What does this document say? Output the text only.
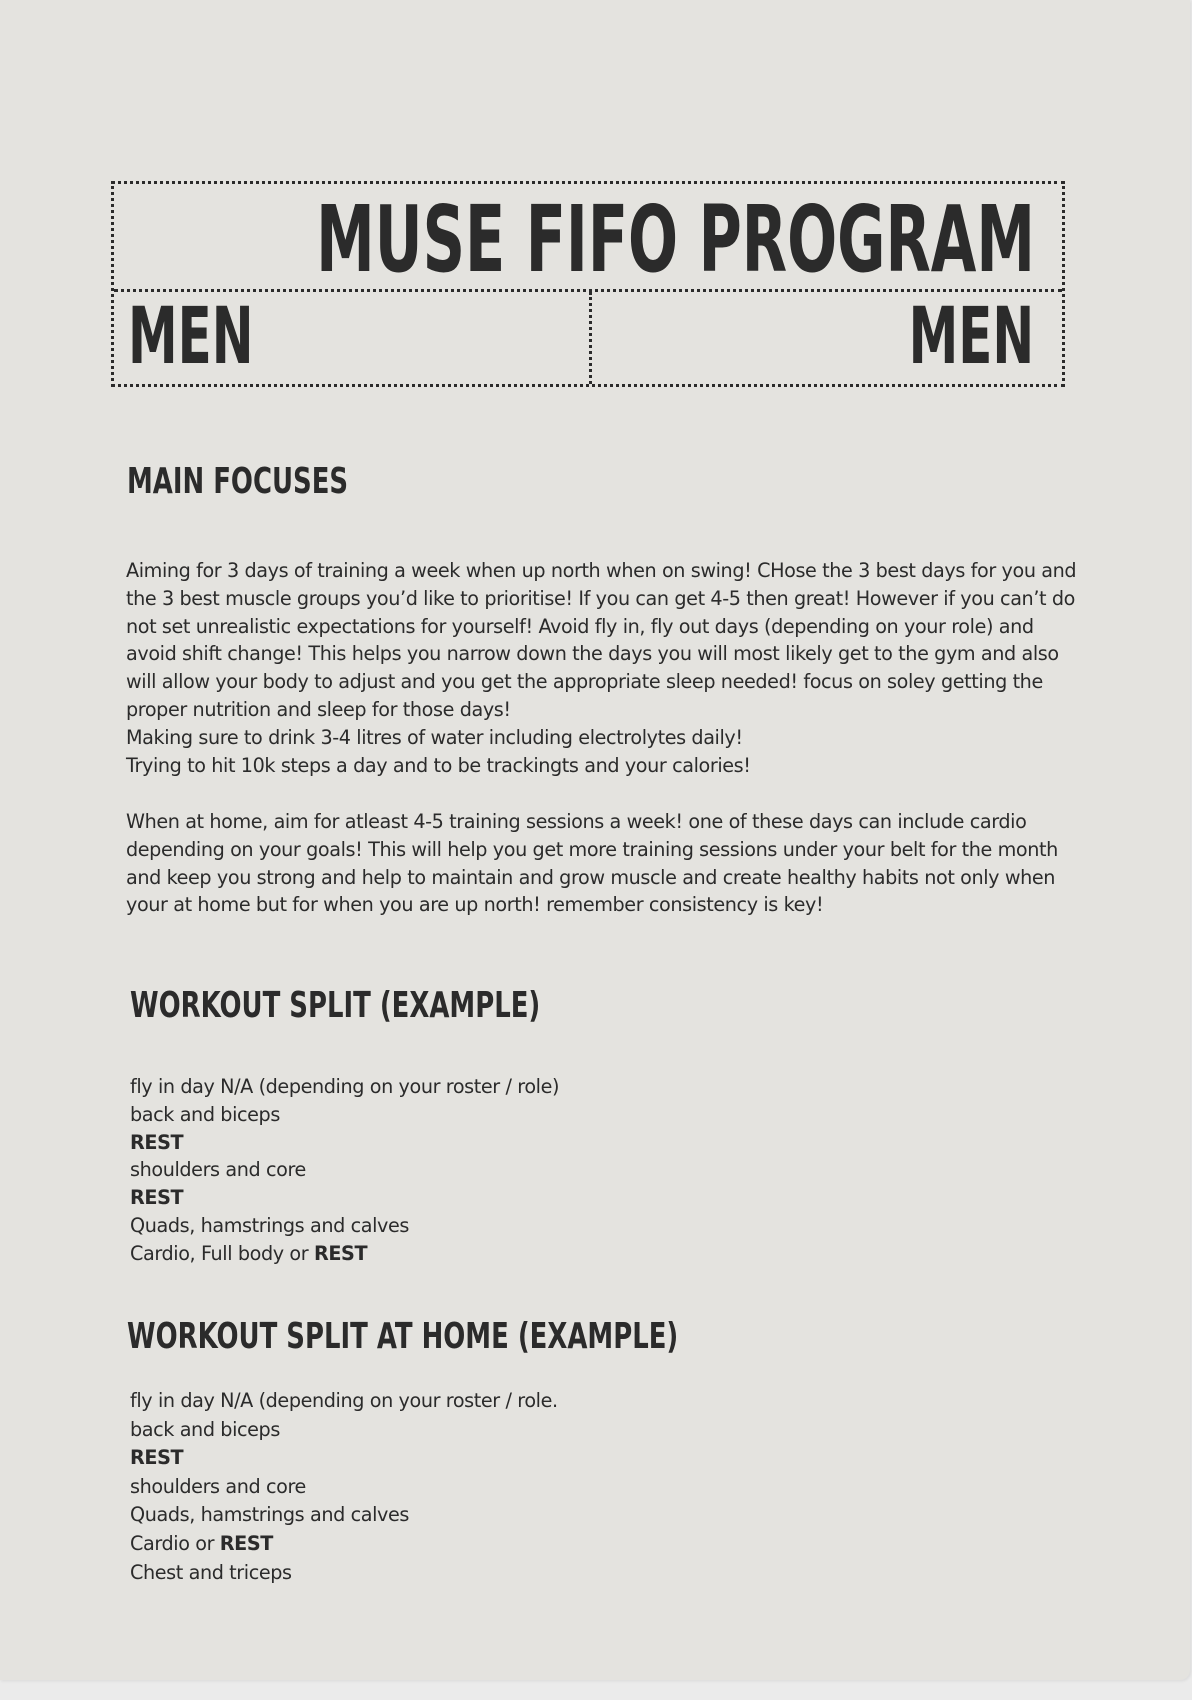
MUSE FIFO PROGRAM
MEN	MEN
MAIN FOCUSES

Aiming for 3 days of training a week when up north when on swing! CHose the 3 best days for you and the 3 best muscle groups you’d like to prioritise! If you can get 4-5 then great! However if you can’t do not set unrealistic expectations for yourself! Avoid fly in, fly out days (depending on your role) and avoid shift change! This helps you narrow down the days you will most likely get to the gym and also will allow your body to adjust and you get the appropriate sleep needed! focus on soley getting the proper nutrition and sleep for those days!

Making sure to drink 3-4 litres of water including electrolytes daily!

Trying to hit 10k steps a day and to be trackingts and your calories!

When at home, aim for atleast 4-5 training sessions a week! one of these days can include cardio depending on your goals! This will help you get more training sessions under your belt for the month and keep you strong and help to maintain and grow muscle and create healthy habits not only when your at home but for when you are up north! remember consistency is key!

WORKOUT SPLIT (EXAMPLE)
fly in day N/A (depending on your roster / role)
back and biceps
REST
shoulders and core
REST
Quads, hamstrings and calves
Cardio, Full body or REST
WORKOUT SPLIT AT HOME (EXAMPLE)
fly in day N/A (depending on your roster / role.
back and biceps
REST
shoulders and core
Quads, hamstrings and calves
Cardio or REST
Chest and triceps
